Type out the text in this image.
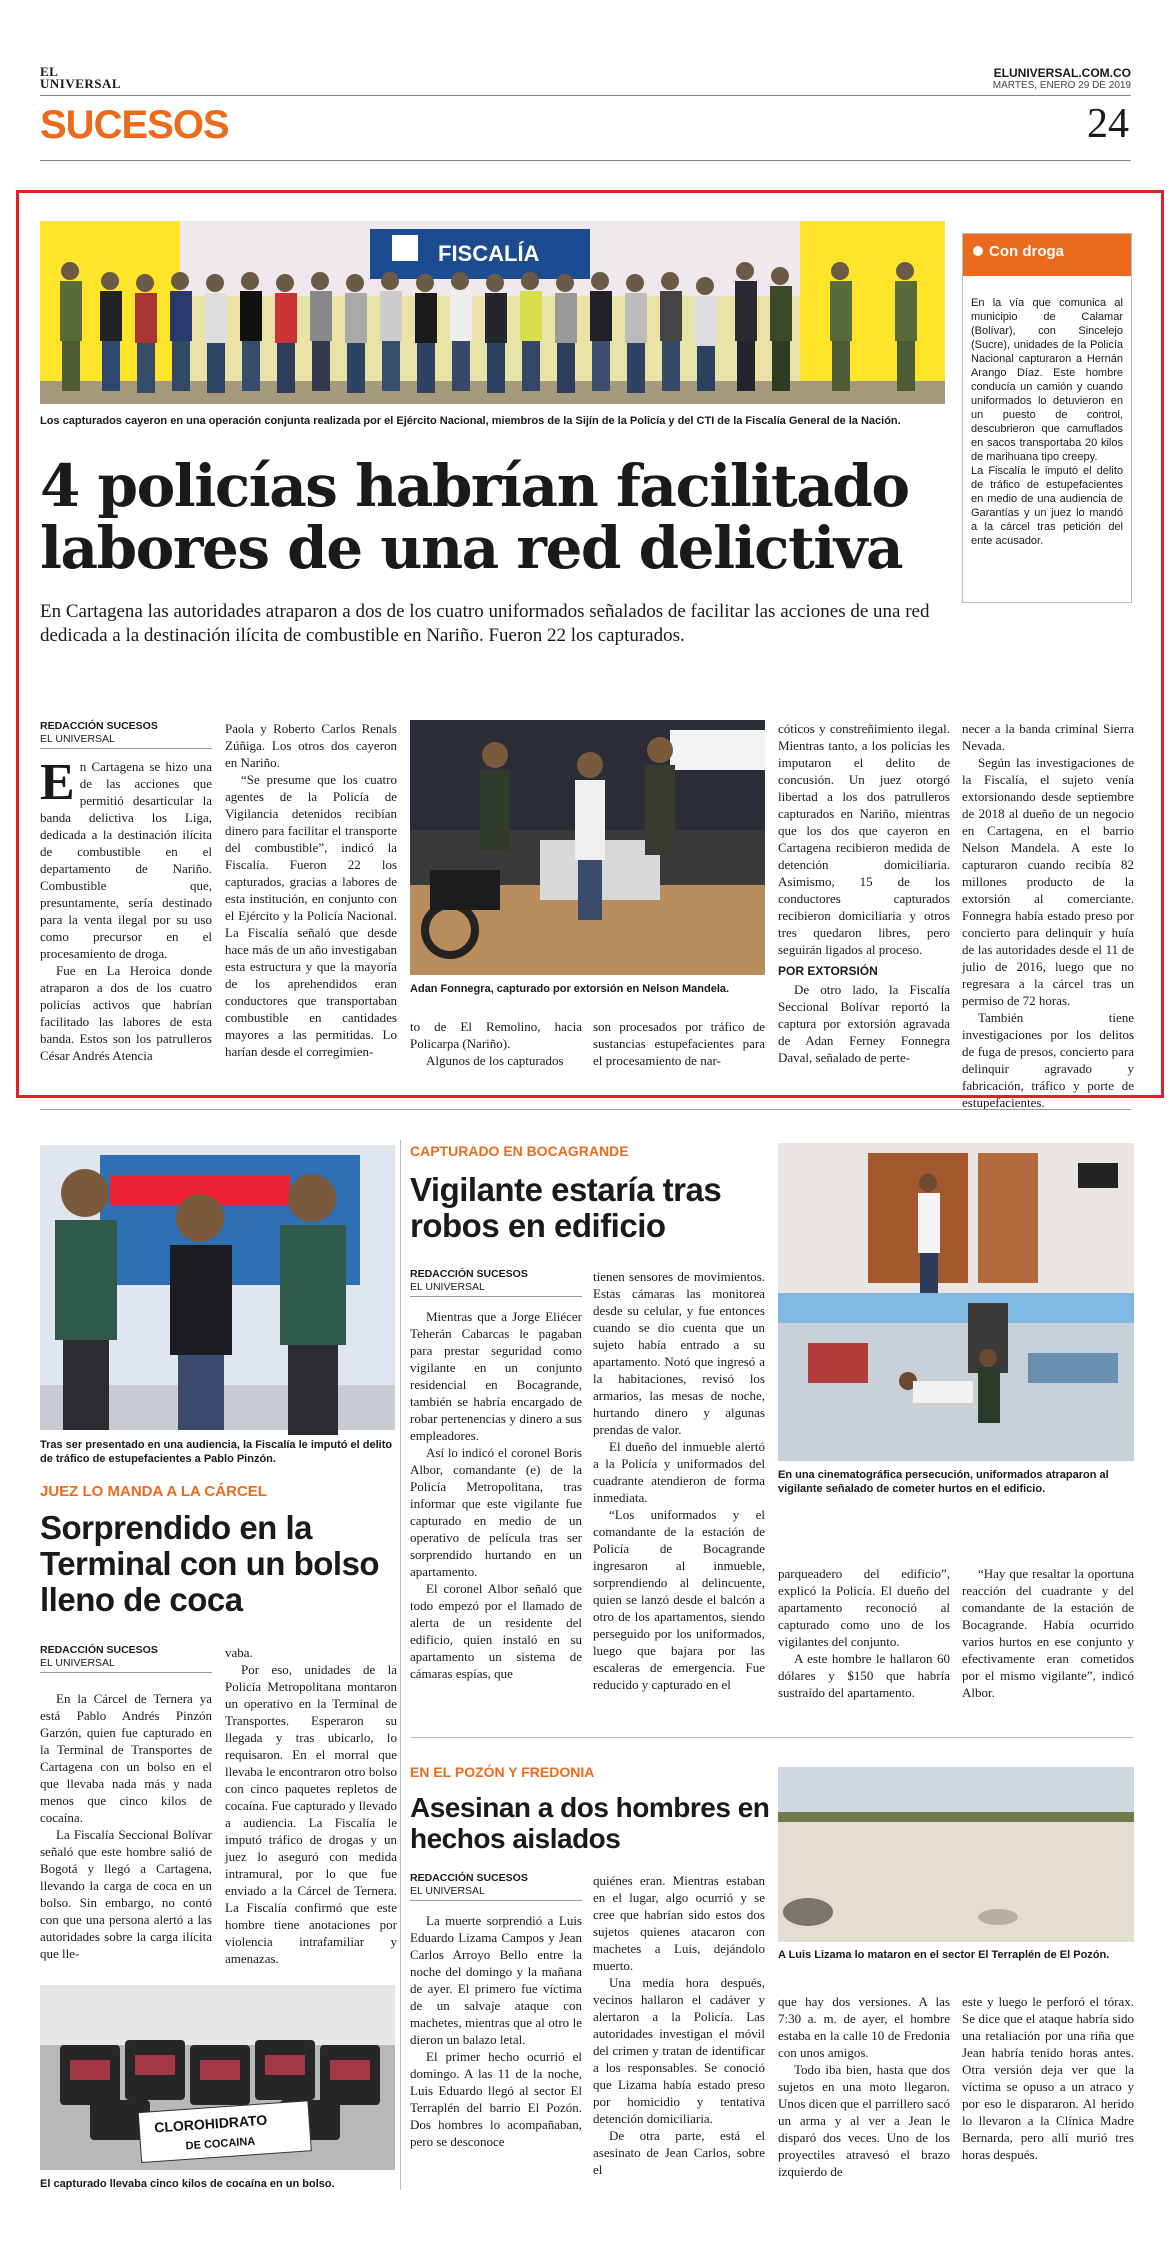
EL
UNIVERSAL
ELUNIVERSAL.COM.CO
MARTES, ENERO 29 DE 2019
SUCESOS	24
FISCALÍA
Los capturados cayeron en una operación conjunta realizada por el Ejército Nacional, miembros de la Sijín de la Policía y del CTI de la Fiscalía General de la Nación.
4 policías habrían facilitado labores de una red delictiva
En Cartagena las autoridades atraparon a dos de los cuatro uniformados señalados de facilitar las acciones de una red dedicada a la destinación ilícita de combustible en Nariño. Fueron 22 los capturados.
Con droga

En la vía que comunica al municipio de Calamar (Bolívar), con Sincelejo (Sucre), unidades de la Policía Nacional capturaron a Hernán Arango Díaz. Este hombre conducía un camión y cuando uniformados lo detuvieron en un puesto de control, descubrieron que camuflados en sacos transportaba 20 kilos de marihuana tipo creepy.

La Fiscalía le imputó el delito de tráfico de estupefacientes en medio de una audiencia de Garantías y un juez lo mandó a la cárcel tras petición del ente acusador.

REDACCIÓN SUCESOS
EL UNIVERSAL

En Cartagena se hizo una de las acciones que permitió desarticular la banda delictiva los Liga, dedicada a la destinación ilícita de combustible en el departamento de Nariño. Combustible que, presuntamente, sería destinado para la venta ilegal por su uso como precursor en el procesamiento de droga.

Fue en La Heroica donde atraparon a dos de los cuatro policías activos que habrían facilitado las labores de esta banda. Estos son los patrulleros César Andrés Atencia

Paola y Roberto Carlos Renals Zúñiga. Los otros dos cayeron en Nariño.

“Se presume que los cuatro agentes de la Policía de Vigilancia detenidos recibían dinero para facilitar el transporte del combustible”, indicó la Fiscalía. Fueron 22 los capturados, gracias a labores de esta institución, en conjunto con el Ejército y la Policía Nacional. La Fiscalía señaló que desde hace más de un año investigaban esta estructura y que la mayoría de los aprehendidos eran conductores que transportaban combustible en cantidades mayores a las permitidas. Lo harían desde el corregimien-

Adan Fonnegra, capturado por extorsión en Nelson Mandela.

to de El Remolino, hacia Policarpa (Nariño).

Algunos de los capturados

son procesados por tráfico de sustancias estupefacientes para el procesamiento de nar-

cóticos y constreñimiento ilegal. Mientras tanto, a los policías les imputaron el delito de concusión. Un juez otorgó libertad a los dos patrulleros capturados en Nariño, mientras que los dos que cayeron en Cartagena recibieron medida de detención domiciliaria. Asimismo, 15 de los conductores capturados recibieron domiciliaria y otros tres quedaron libres, pero seguirán ligados al proceso.

POR EXTORSIÓN

De otro lado, la Fiscalía Seccional Bolívar reportó la captura por extorsión agravada de Adan Ferney Fonnegra Daval, señalado de perte-

necer a la banda criminal Sierra Nevada.

Según las investigaciones de la Fiscalía, el sujeto venía extorsionando desde septiembre de 2018 al dueño de un negocio en Cartagena, en el barrio Nelson Mandela. A este lo capturaron cuando recibía 82 millones producto de la extorsión al comerciante. Fonnegra había estado preso por concierto para delinquir y huía de las autoridades desde el 11 de julio de 2016, luego que no regresara a la cárcel tras un permiso de 72 horas.

También tiene investigaciones por los delitos de fuga de presos, concierto para delinquir agravado y fabricación, tráfico y porte de estupefacientes.

Tras ser presentado en una audiencia, la Fiscalía le imputó el delito de tráfico de estupefacientes a Pablo Pinzón.
JUEZ LO MANDA A LA CÁRCEL
Sorprendido en la Terminal con un bolso lleno de coca
REDACCIÓN SUCESOS
EL UNIVERSAL

En la Cárcel de Ternera ya está Pablo Andrés Pinzón Garzón, quien fue capturado en la Terminal de Transportes de Cartagena con un bolso en el que llevaba nada más y nada menos que cinco kilos de cocaína.

La Fiscalía Seccional Bolívar señaló que este hombre salió de Bogotá y llegó a Cartagena, llevando la carga de coca en un bolso. Sin embargo, no contó con que una persona alertó a las autoridades sobre la carga ilícita que lle-

vaba.

Por eso, unidades de la Policía Metropolitana montaron un operativo en la Terminal de Transportes. Esperaron su llegada y tras ubicarlo, lo requisaron. En el morral que llevaba le encontraron otro bolso con cinco paquetes repletos de cocaína. Fue capturado y llevado a audiencia. La Fiscalía le imputó tráfico de drogas y un juez lo aseguró con medida intramural, por lo que fue enviado a la Cárcel de Ternera. La Fiscalía confirmó que este hombre tiene anotaciones por violencia intrafamiliar y amenazas.

CLOROHIDRATO
DE COCAINA
El capturado llevaba cinco kilos de cocaína en un bolso.
CAPTURADO EN BOCAGRANDE
Vigilante estaría tras robos en edificio
REDACCIÓN SUCESOS
EL UNIVERSAL

Mientras que a Jorge Eliécer Teherán Cabarcas le pagaban para prestar seguridad como vigilante en un conjunto residencial en Bocagrande, también se habría encargado de robar pertenencias y dinero a sus empleadores.

Así lo indicó el coronel Boris Albor, comandante (e) de la Policía Metropolitana, tras informar que este vigilante fue capturado en medio de un operativo de película tras ser sorprendido hurtando en un apartamento.

El coronel Albor señaló que todo empezó por el llamado de alerta de un residente del edificio, quien instaló en su apartamento un sistema de cámaras espías, que

tienen sensores de movimientos. Estas cámaras las monitorea desde su celular, y fue entonces cuando se dio cuenta que un sujeto había entrado a su apartamento. Notó que ingresó a la habitaciones, revisó los armarios, las mesas de noche, hurtando dinero y algunas prendas de valor.

El dueño del inmueble alertó a la Policía y uniformados del cuadrante atendieron de forma inmediata.

“Los uniformados y el comandante de la estación de Policía de Bocagrande ingresaron al inmueble, sorprendiendo al delincuente, quien se lanzó desde el balcón a otro de los apartamentos, siendo perseguido por los uniformados, luego que bajara por las escaleras de emergencia. Fue reducido y capturado en el

parqueadero del edificio”, explicó la Policía. El dueño del apartamento reconoció al capturado como uno de los vigilantes del conjunto.

A este hombre le hallaron 60 dólares y $150 que habría sustraído del apartamento.

“Hay que resaltar la oportuna reacción del cuadrante y del comandante de la estación de Bocagrande. Había ocurrido varios hurtos en ese conjunto y efectivamente eran cometidos por el mismo vigilante”, indicó Albor.

En una cinematográfica persecución, uniformados atraparon al vigilante señalado de cometer hurtos en el edificio.
EN EL POZÓN Y FREDONIA
Asesinan a dos hombres en hechos aislados
REDACCIÓN SUCESOS
EL UNIVERSAL

La muerte sorprendió a Luis Eduardo Lizama Campos y Jean Carlos Arroyo Bello entre la noche del domingo y la mañana de ayer. El primero fue víctima de un salvaje ataque con machetes, mientras que al otro le dieron un balazo letal.

El primer hecho ocurrió el domingo. A las 11 de la noche, Luis Eduardo llegó al sector El Terraplén del barrio El Pozón. Dos hombres lo acompañaban, pero se desconoce

quiénes eran. Mientras estaban en el lugar, algo ocurrió y se cree que habrían sido estos dos sujetos quienes atacaron con machetes a Luis, dejándolo muerto.

Una media hora después, vecinos hallaron el cadáver y alertaron a la Policía. Las autoridades investigan el móvil del crimen y tratan de identificar a los responsables. Se conoció que Lizama había estado preso por homicidio y tentativa detención domiciliaria.

De otra parte, está el asesinato de Jean Carlos, sobre el

A Luis Lizama lo mataron en el sector El Terraplén de El Pozón.

que hay dos versiones. A las 7:30 a. m. de ayer, el hombre estaba en la calle 10 de Fredonia con unos amigos.

Todo iba bien, hasta que dos sujetos en una moto llegaron. Unos dicen que el parrillero sacó un arma y al ver a Jean le disparó dos veces. Uno de los proyectiles atravesó el brazo izquierdo de

este y luego le perforó el tórax. Se dice que el ataque habría sido una retaliación por una riña que Jean habría tenido horas antes. Otra versión deja ver que la víctima se opuso a un atraco y por eso le dispararon. Al herido lo llevaron a la Clínica Madre Bernarda, pero allí murió tres horas después.
